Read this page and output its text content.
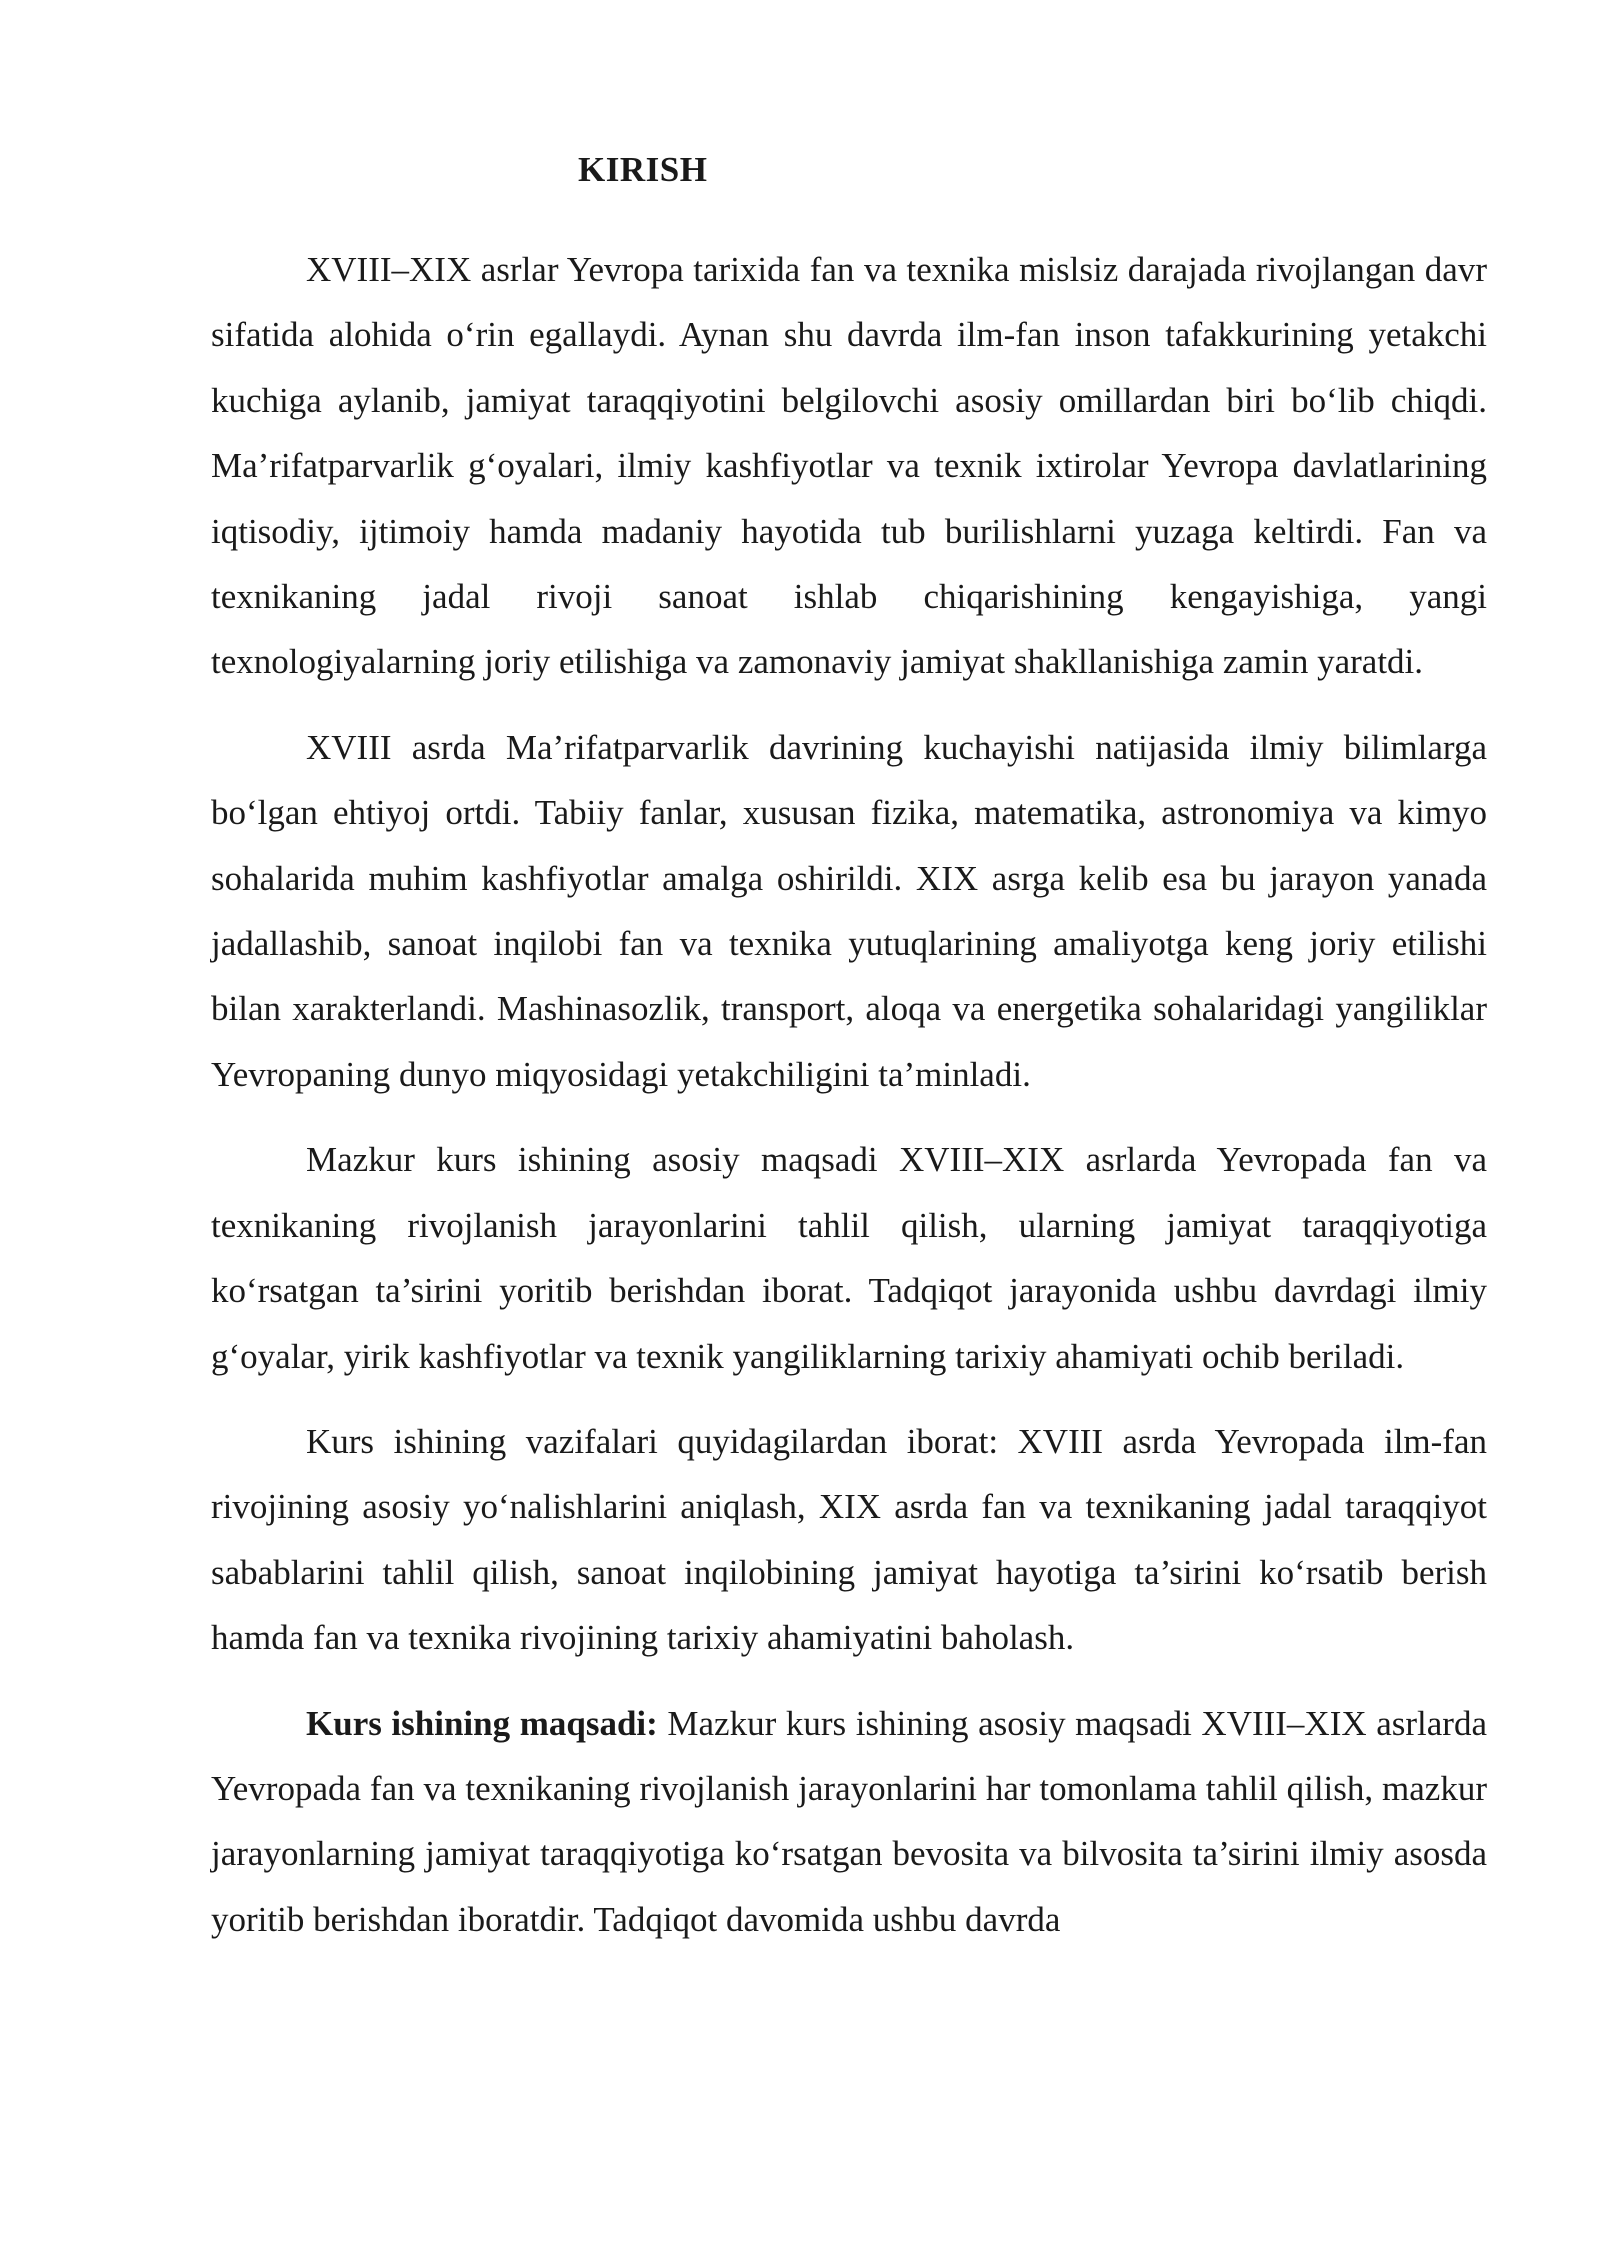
KIRISH

XVIII–XIX asrlar Yevropa tarixida fan va texnika mislsiz darajada rivojlangan davr sifatida alohida o‘rin egallaydi. Aynan shu davrda ilm-fan inson tafakkurining yetakchi kuchiga aylanib, jamiyat taraqqiyotini belgilovchi asosiy omillardan biri bo‘lib chiqdi. Ma’rifatparvarlik g‘oyalari, ilmiy kashfiyotlar va texnik ixtirolar Yevropa davlatlarining iqtisodiy, ijtimoiy hamda madaniy hayotida tub burilishlarni yuzaga keltirdi. Fan va texnikaning jadal rivoji sanoat ishlab chiqarishining kengayishiga, yangi texnologiyalarning joriy etilishiga va zamonaviy jamiyat shakllanishiga zamin yaratdi.

XVIII asrda Ma’rifatparvarlik davrining kuchayishi natijasida ilmiy bilimlarga bo‘lgan ehtiyoj ortdi. Tabiiy fanlar, xususan fizika, matematika, astronomiya va kimyo sohalarida muhim kashfiyotlar amalga oshirildi. XIX asrga kelib esa bu jarayon yanada jadallashib, sanoat inqilobi fan va texnika yutuqlarining amaliyotga keng joriy etilishi bilan xarakterlandi. Mashinasozlik, transport, aloqa va energetika sohalaridagi yangiliklar Yevropaning dunyo miqyosidagi yetakchiligini ta’minladi.

Mazkur kurs ishining asosiy maqsadi XVIII–XIX asrlarda Yevropada fan va texnikaning rivojlanish jarayonlarini tahlil qilish, ularning jamiyat taraqqiyotiga ko‘rsatgan ta’sirini yoritib berishdan iborat. Tadqiqot jarayonida ushbu davrdagi ilmiy g‘oyalar, yirik kashfiyotlar va texnik yangiliklarning tarixiy ahamiyati ochib beriladi.

Kurs ishining vazifalari quyidagilardan iborat: XVIII asrda Yevropada ilm-fan rivojining asosiy yo‘nalishlarini aniqlash, XIX asrda fan va texnikaning jadal taraqqiyot sabablarini tahlil qilish, sanoat inqilobining jamiyat hayotiga ta’sirini ko‘rsatib berish hamda fan va texnika rivojining tarixiy ahamiyatini baholash.

Kurs ishining maqsadi: Mazkur kurs ishining asosiy maqsadi XVIII–XIX asrlarda Yevropada fan va texnikaning rivojlanish jarayonlarini har tomonlama tahlil qilish, mazkur jarayonlarning jamiyat taraqqiyotiga ko‘rsatgan bevosita va bilvosita ta’sirini ilmiy asosda yoritib berishdan iboratdir. Tadqiqot davomida ushbu davrda
